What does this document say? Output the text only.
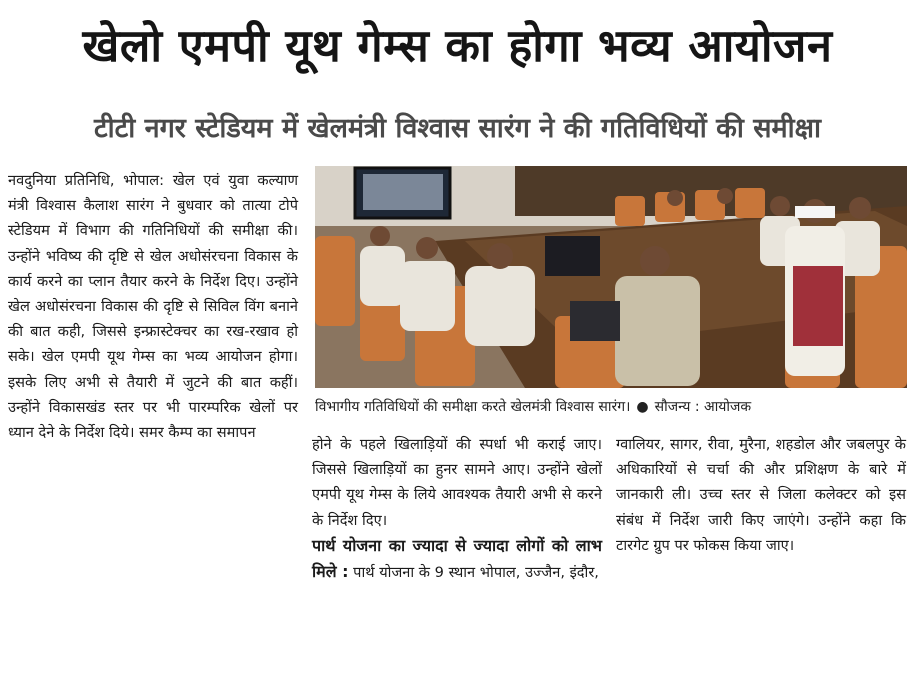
खेलो एमपी यूथ गेम्स का होगा भव्य आयोजन
टीटी नगर स्टेडियम में खेलमंत्री विश्वास सारंग ने की गतिविधियों की समीक्षा

नवदुनिया प्रतिनिधि, भोपाल: खेल एवं युवा कल्याण मंत्री विश्वास कैलाश सारंग ने बुधवार को तात्या टोपे स्टेडियम में विभाग की गतिनिधियों की समीक्षा की। उन्होंने भविष्य की दृष्टि से खेल अधोसंरचना विकास के कार्य करने का प्लान तैयार करने के निर्देश दिए। उन्होंने खेल अधोसंरचना विकास की दृष्टि से सिविल विंग बनाने की बात कही, जिससे इन्फ्रास्टेक्चर का रख-रखाव हो सके। खेल एमपी यूथ गेम्स का भव्य आयोजन होगा। इसके लिए अभी से तैयारी में जुटने की बात कहीं। उन्होंने विकासखंड स्तर पर भी पारम्परिक खेलों पर ध्यान देने के निर्देश दिये। समर कैम्प का समापन

विभागीय गतिविधियों की समीक्षा करते खेलमंत्री विश्वास सारंग। ● सौजन्य : आयोजक

होने के पहले खिलाड़ियों की स्पर्धा भी कराई जाए। जिससे खिलाड़ियों का हुनर सामने आए। उन्होंने खेलों एमपी यूथ गेम्स के लिये आवश्यक तैयारी अभी से करने के निर्देश दिए।

पार्थ योजना का ज्यादा से ज्यादा लोगों को लाभ मिले : पार्थ योजना के 9 स्थान भोपाल, उज्जैन, इंदौर,

ग्वालियर, सागर, रीवा, मुरैना, शहडोल और जबलपुर के अधिकारियों से चर्चा की और प्रशिक्षण के बारे में जानकारी ली। उच्च स्तर से जिला कलेक्टर को इस संबंध में निर्देश जारी किए जाएंगे। उन्होंने कहा कि टारगेट ग्रुप पर फोकस किया जाए।
